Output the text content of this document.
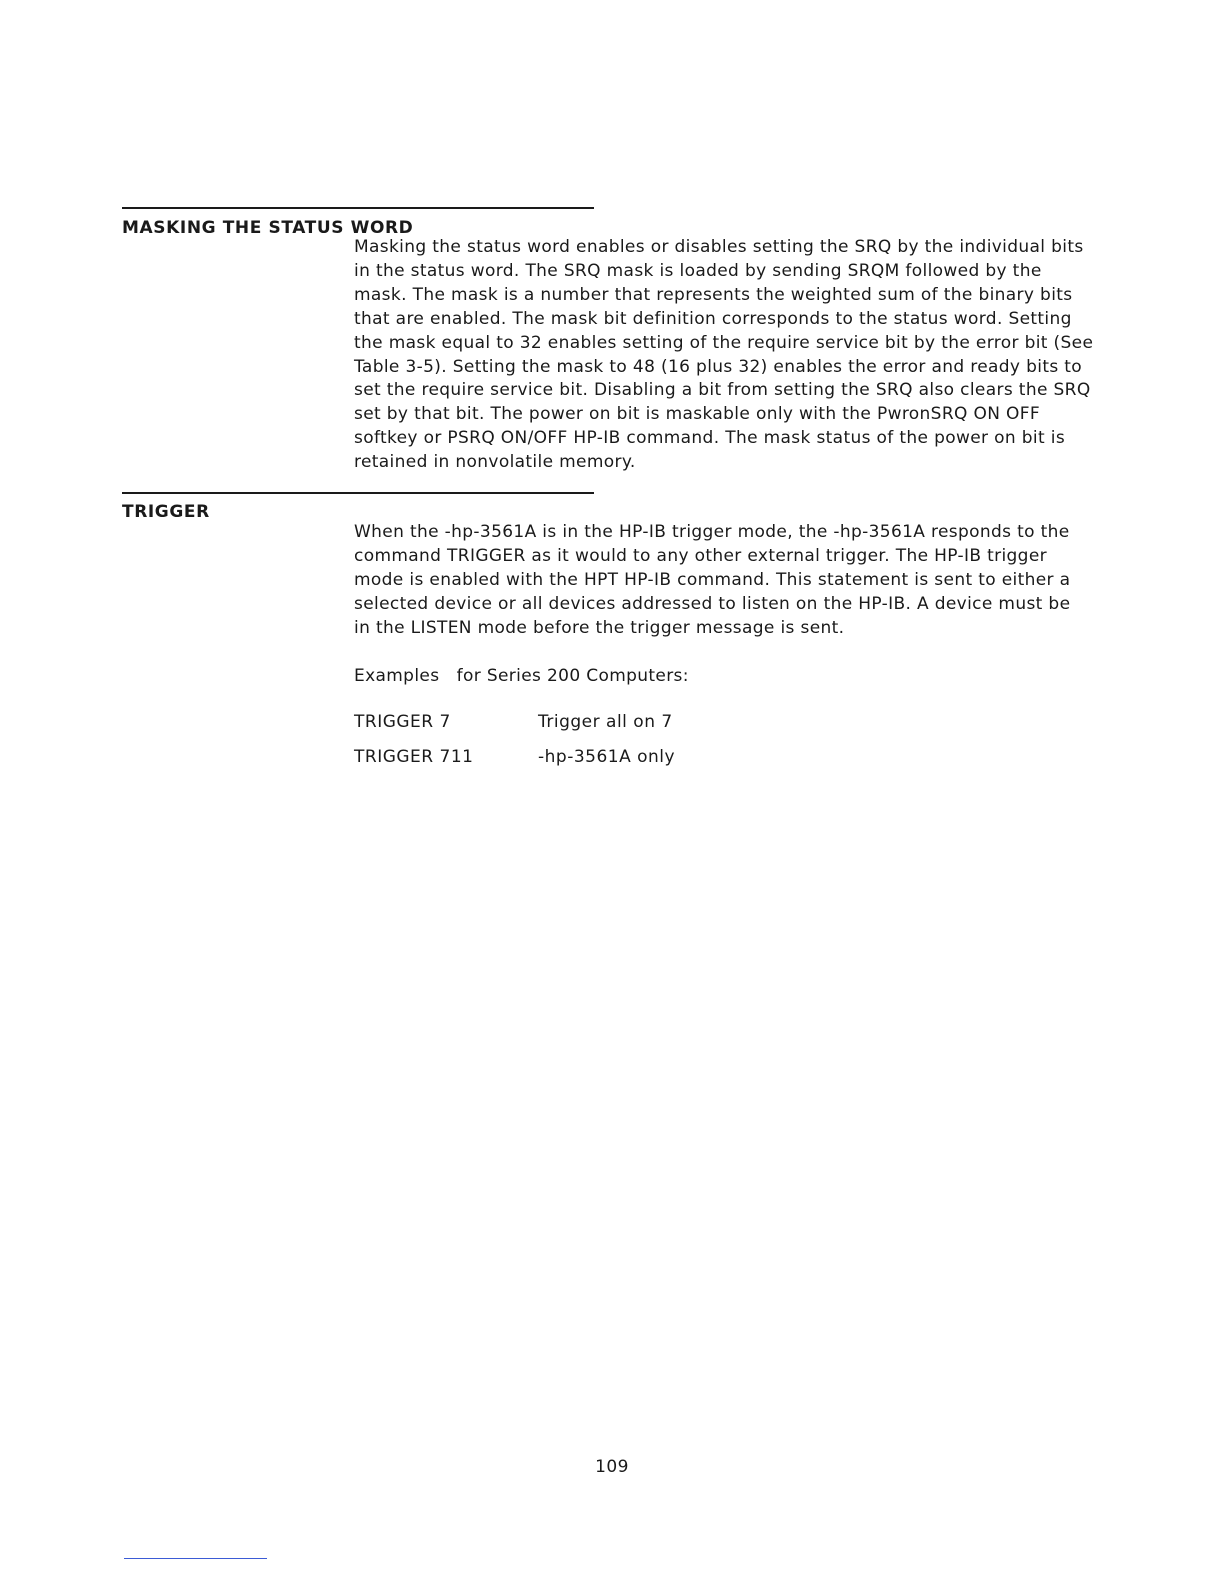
MASKING THE STATUS WORD
Masking the status word enables or disables setting the SRQ by the individual bits
in the status word. The SRQ mask is loaded by sending SRQM followed by the
mask. The mask is a number that represents the weighted sum of the binary bits
that are enabled. The mask bit definition corresponds to the status word. Setting
the mask equal to 32 enables setting of the require service bit by the error bit (See
Table 3-5). Setting the mask to 48 (16 plus 32) enables the error and ready bits to
set the require service bit. Disabling a bit from setting the SRQ also clears the SRQ
set by that bit. The power on bit is maskable only with the PwronSRQ ON OFF
softkey or PSRQ ON/OFF HP-IB command. The mask status of the power on bit is
retained in nonvolatile memory.
TRIGGER
When the -hp-3561A is in the HP-IB trigger mode, the -hp-3561A responds to the
command TRIGGER as it would to any other external trigger. The HP-IB trigger
mode is enabled with the HPT HP-IB command. This statement is sent to either a
selected device or all devices addressed to listen on the HP-IB. A device must be
in the LISTEN mode before the trigger message is sent.
Examples   for Series 200 Computers:
TRIGGER 7	Trigger all on 7
TRIGGER 711	-hp-3561A only
109
